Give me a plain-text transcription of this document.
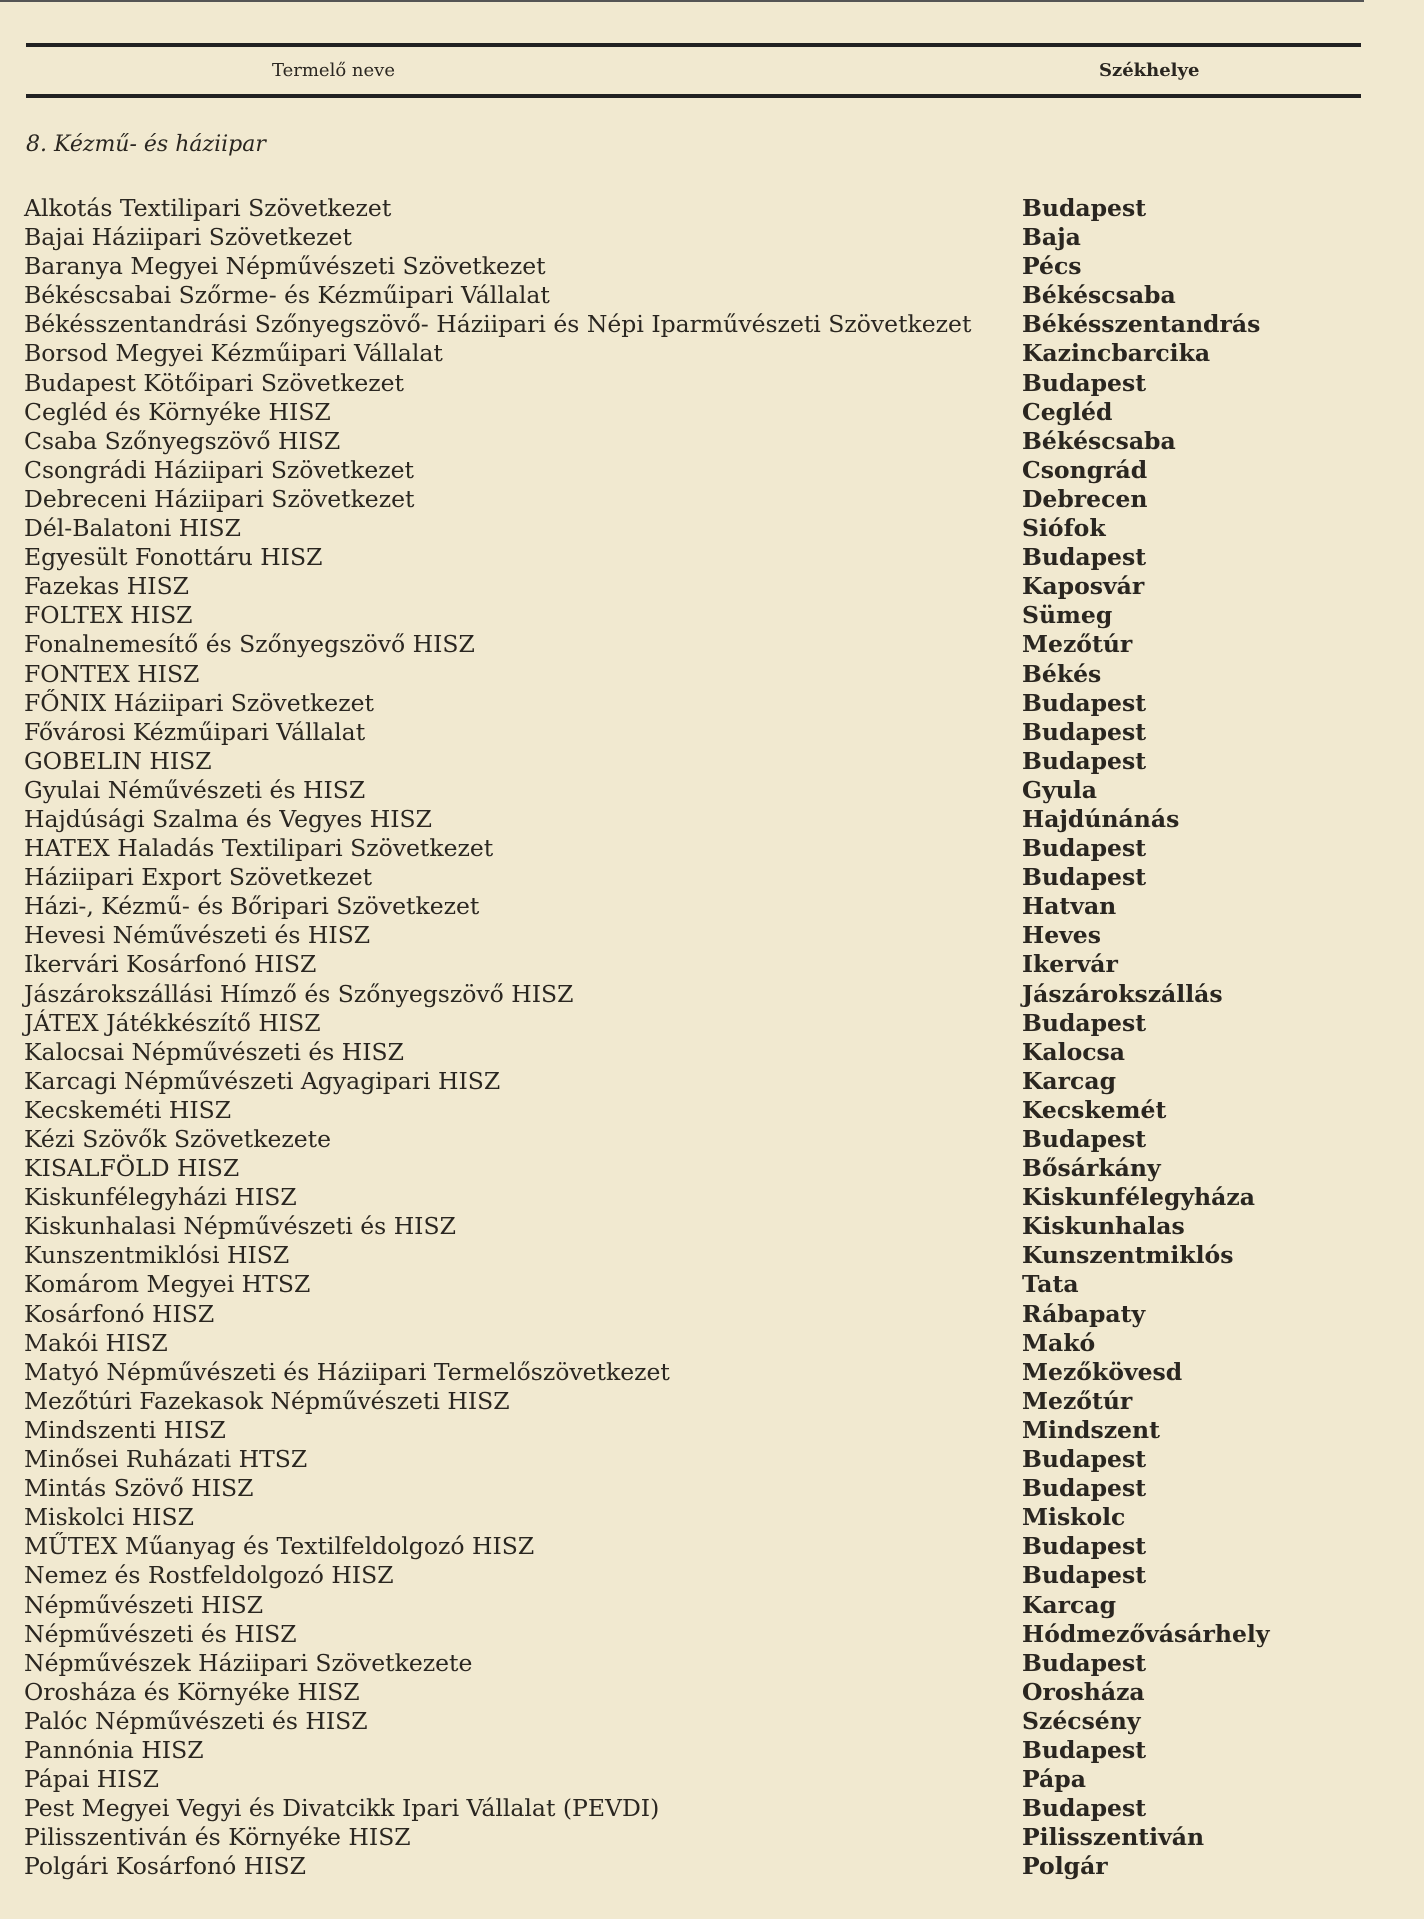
Termelő neve	Székhelye
8. Kézmű- és háziipar
Alkotás Textilipari Szövetkezet	Budapest
Bajai Háziipari Szövetkezet	Baja
Baranya Megyei Népművészeti Szövetkezet	Pécs
Békéscsabai Szőrme- és Kézműipari Vállalat	Békéscsaba
Békésszentandrási Szőnyegszövő- Háziipari és Népi Iparművészeti Szövetkezet	Békésszentandrás
Borsod Megyei Kézműipari Vállalat	Kazincbarcika
Budapest Kötőipari Szövetkezet	Budapest
Cegléd és Környéke HISZ	Cegléd
Csaba Szőnyegszövő HISZ	Békéscsaba
Csongrádi Háziipari Szövetkezet	Csongrád
Debreceni Háziipari Szövetkezet	Debrecen
Dél-Balatoni HISZ	Siófok
Egyesült Fonottáru HISZ	Budapest
Fazekas HISZ	Kaposvár
FOLTEX HISZ	Sümeg
Fonalnemesítő és Szőnyegszövő HISZ	Mezőtúr
FONTEX HISZ	Békés
FŐNIX Háziipari Szövetkezet	Budapest
Fővárosi Kézműipari Vállalat	Budapest
GOBELIN HISZ	Budapest
Gyulai Néművészeti és HISZ	Gyula
Hajdúsági Szalma és Vegyes HISZ	Hajdúnánás
HATEX Haladás Textilipari Szövetkezet	Budapest
Háziipari Export Szövetkezet	Budapest
Házi-, Kézmű- és Bőripari Szövetkezet	Hatvan
Hevesi Néművészeti és HISZ	Heves
Ikervári Kosárfonó HISZ	Ikervár
Jászárokszállási Hímző és Szőnyegszövő HISZ	Jászárokszállás
JÁTEX Játékkészítő HISZ	Budapest
Kalocsai Népművészeti és HISZ	Kalocsa
Karcagi Népművészeti Agyagipari HISZ	Karcag
Kecskeméti HISZ	Kecskemét
Kézi Szövők Szövetkezete	Budapest
KISALFÖLD HISZ	Bősárkány
Kiskunfélegyházi HISZ	Kiskunfélegyháza
Kiskunhalasi Népművészeti és HISZ	Kiskunhalas
Kunszentmiklósi HISZ	Kunszentmiklós
Komárom Megyei HTSZ	Tata
Kosárfonó HISZ	Rábapaty
Makói HISZ	Makó
Matyó Népművészeti és Háziipari Termelőszövetkezet	Mezőkövesd
Mezőtúri Fazekasok Népművészeti HISZ	Mezőtúr
Mindszenti HISZ	Mindszent
Minősei Ruházati HTSZ	Budapest
Mintás Szövő HISZ	Budapest
Miskolci HISZ	Miskolc
MŰTEX Műanyag és Textilfeldolgozó HISZ	Budapest
Nemez és Rostfeldolgozó HISZ	Budapest
Népművészeti HISZ	Karcag
Népművészeti és HISZ	Hódmezővásárhely
Népművészek Háziipari Szövetkezete	Budapest
Orosháza és Környéke HISZ	Orosháza
Palóc Népművészeti és HISZ	Szécsény
Pannónia HISZ	Budapest
Pápai HISZ	Pápa
Pest Megyei Vegyi és Divatcikk Ipari Vállalat (PEVDI)	Budapest
Pilisszentiván és Környéke HISZ	Pilisszentiván
Polgári Kosárfonó HISZ	Polgár
